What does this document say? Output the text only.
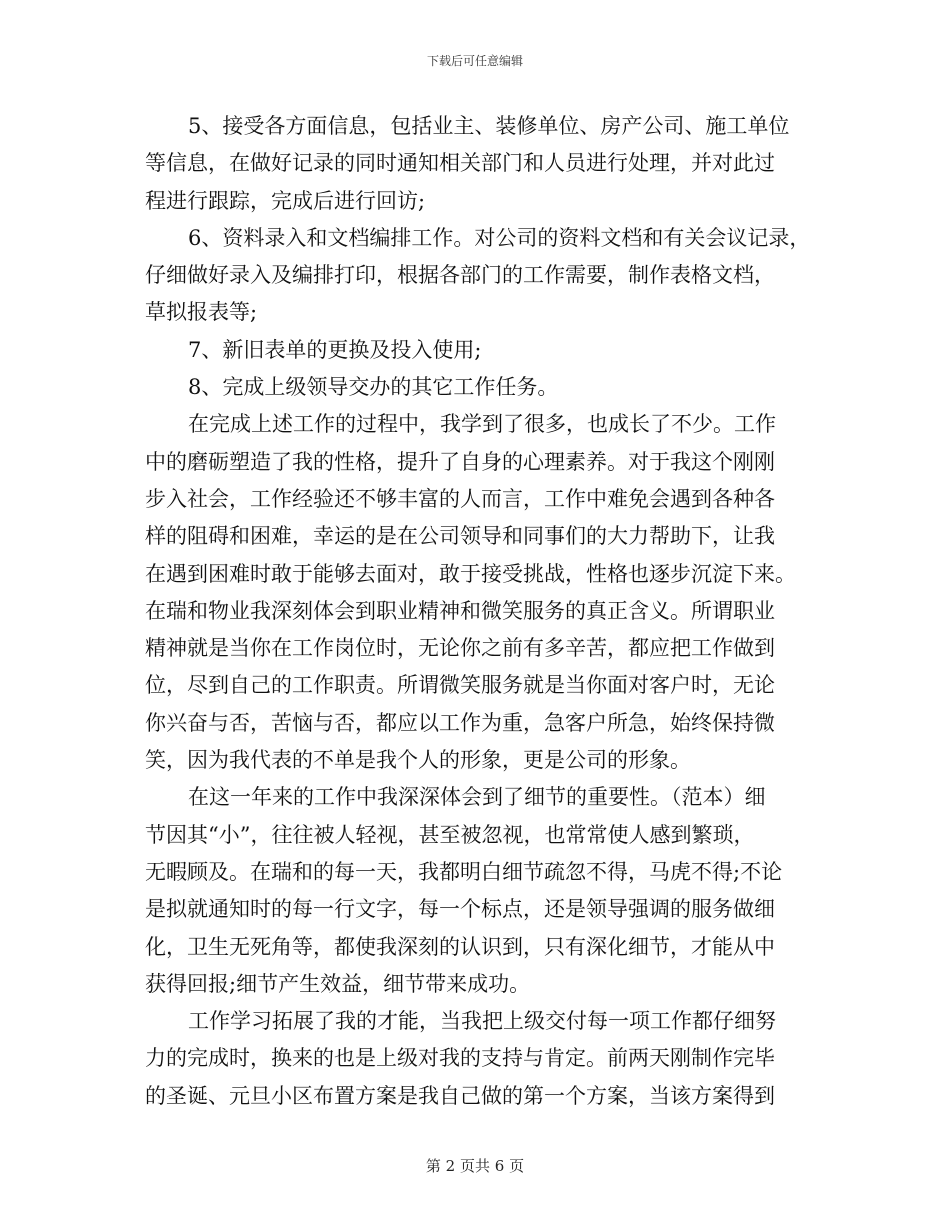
下载后可任意编辑
5、接受各方面信息，包括业主、装修单位、房产公司、施工单位
等信息，在做好记录的同时通知相关部门和人员进行处理，并对此过
程进行跟踪，完成后进行回访;
6、资料录入和文档编排工作。对公司的资料文档和有关会议记录，
仔细做好录入及编排打印，根据各部门的工作需要，制作表格文档，
草拟报表等;
7、新旧表单的更换及投入使用;
8、完成上级领导交办的其它工作任务。
在完成上述工作的过程中，我学到了很多，也成长了不少。工作
中的磨砺塑造了我的性格，提升了自身的心理素养。对于我这个刚刚
步入社会，工作经验还不够丰富的人而言，工作中难免会遇到各种各
样的阻碍和困难，幸运的是在公司领导和同事们的大力帮助下，让我
在遇到困难时敢于能够去面对，敢于接受挑战，性格也逐步沉淀下来。
在瑞和物业我深刻体会到职业精神和微笑服务的真正含义。所谓职业
精神就是当你在工作岗位时，无论你之前有多辛苦，都应把工作做到
位，尽到自己的工作职责。所谓微笑服务就是当你面对客户时，无论
你兴奋与否，苦恼与否，都应以工作为重，急客户所急，始终保持微
笑，因为我代表的不单是我个人的形象，更是公司的形象。
在这一年来的工作中我深深体会到了细节的重要性。（范本）细
节因其“小”，往往被人轻视，甚至被忽视，也常常使人感到繁琐，
无暇顾及。在瑞和的每一天，我都明白细节疏忽不得，马虎不得;不论
是拟就通知时的每一行文字，每一个标点，还是领导强调的服务做细
化，卫生无死角等，都使我深刻的认识到，只有深化细节，才能从中
获得回报;细节产生效益，细节带来成功。
工作学习拓展了我的才能，当我把上级交付每一项工作都仔细努
力的完成时，换来的也是上级对我的支持与肯定。前两天刚制作完毕
的圣诞、元旦小区布置方案是我自己做的第一个方案，当该方案得到
第 2 页共 6 页
